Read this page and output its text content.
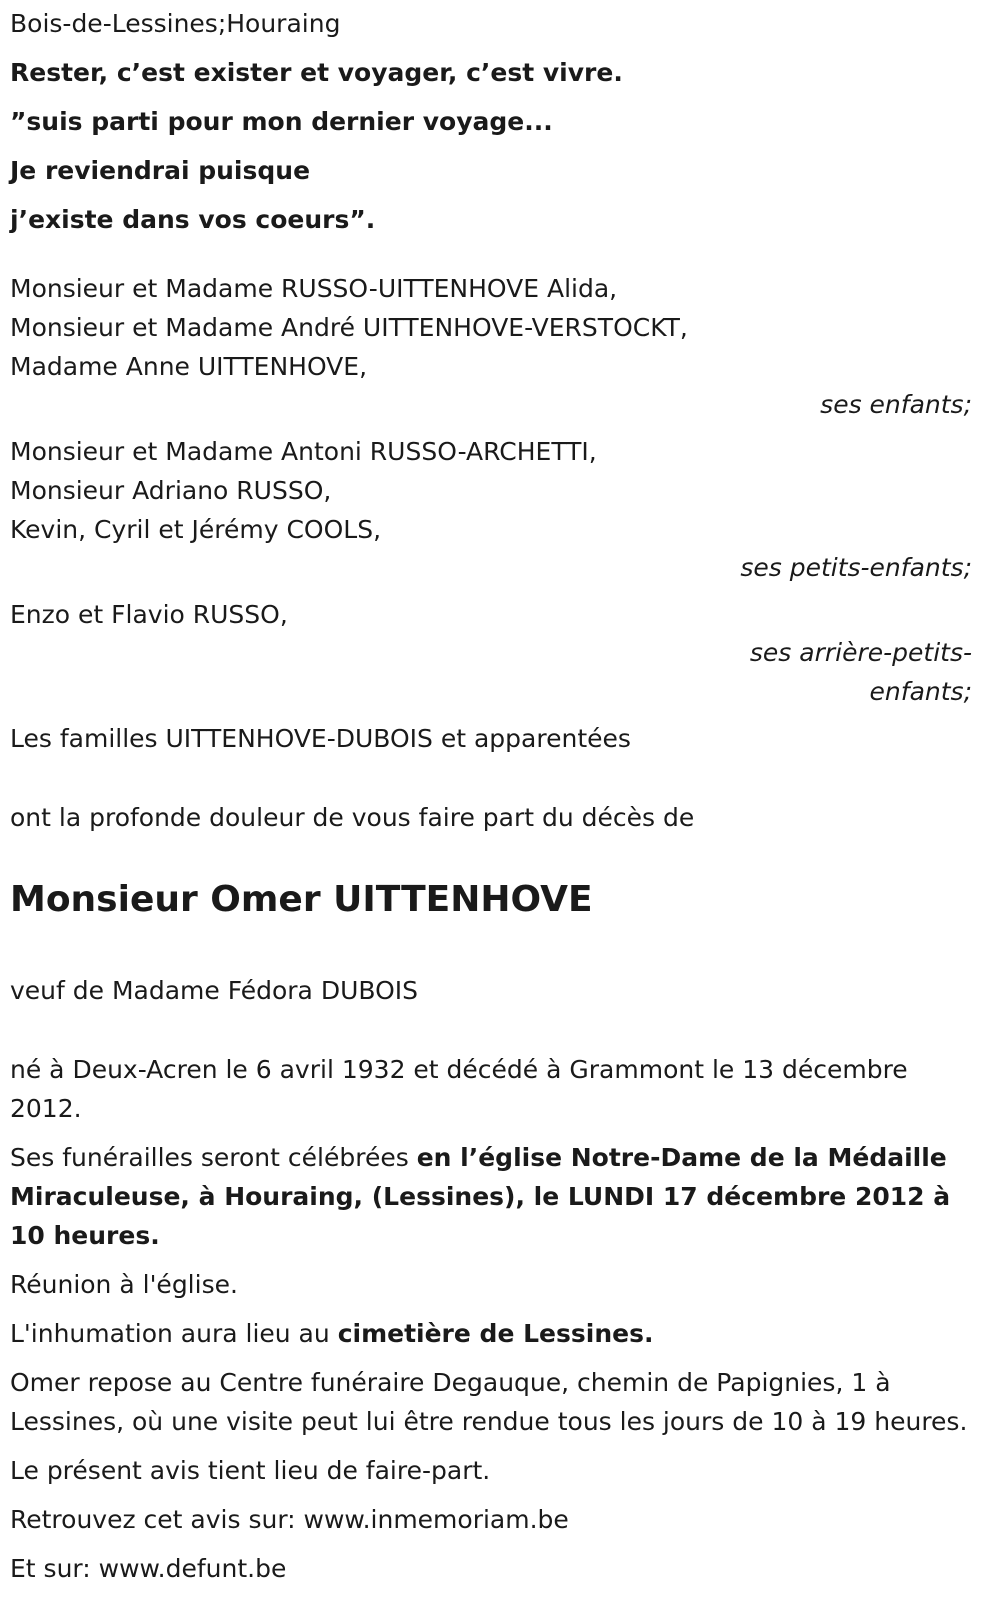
Bois-de-Lessines;Houraing

Rester, c’est exister et voyager, c’est vivre.

”suis parti pour mon dernier voyage...

Je reviendrai puisque

j’existe dans vos coeurs”.

Monsieur et Madame RUSSO-UITTENHOVE Alida,

Monsieur et Madame André UITTENHOVE-VERSTOCKT,

Madame Anne UITTENHOVE,

ses enfants;

Monsieur et Madame Antoni RUSSO-ARCHETTI,

Monsieur Adriano RUSSO,

Kevin, Cyril et Jérémy COOLS,

ses petits-enfants;

Enzo et Flavio RUSSO,

ses arrière-petits-enfants;

Les familles UITTENHOVE-DUBOIS et apparentées

ont la profonde douleur de vous faire part du décès de

Monsieur Omer UITTENHOVE

veuf de Madame Fédora DUBOIS

né à Deux-Acren le 6 avril 1932 et décédé à Grammont le 13 décembre 2012.

Ses funérailles seront célébrées en l’église Notre-Dame de la Médaille Miraculeuse, à Houraing, (Lessines), le LUNDI 17 décembre 2012 à 10 heures.

Réunion à l'église.

L'inhumation aura lieu au cimetière de Lessines.

Omer repose au Centre funéraire Degauque, chemin de Papignies, 1 à Lessines, où une visite peut lui être rendue tous les jours de 10 à 19 heures.

Le présent avis tient lieu de faire-part.

Retrouvez cet avis sur: www.inmemoriam.be

Et sur: www.defunt.be
